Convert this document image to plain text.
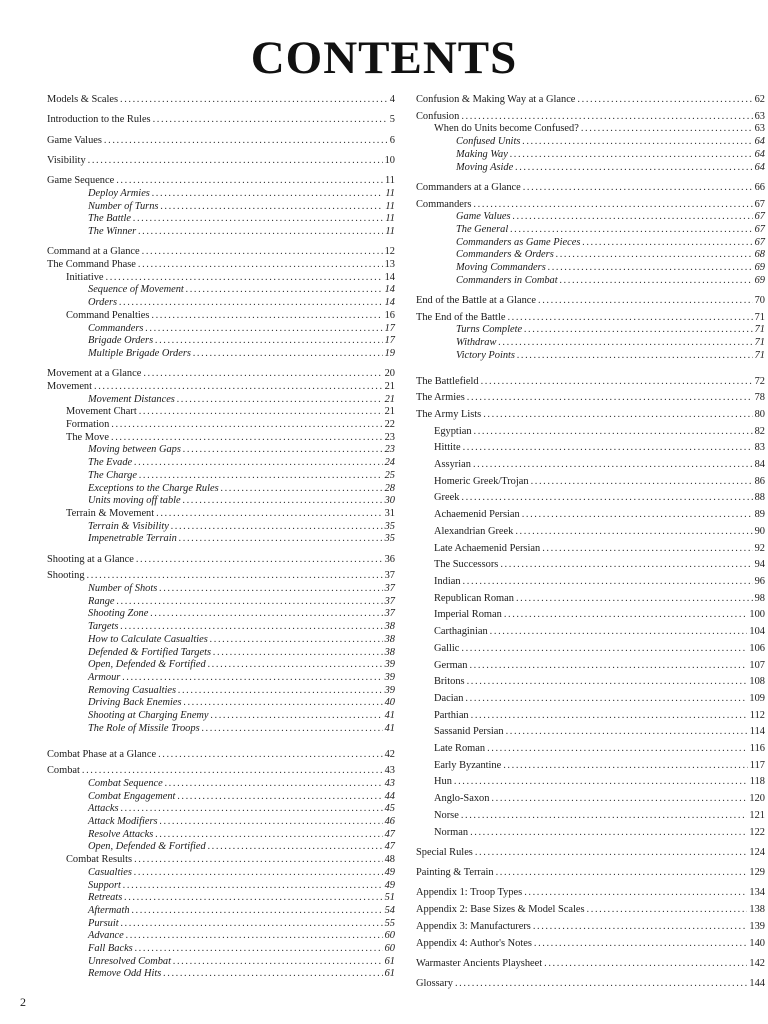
CONTENTS
Models & Scales .....	4
Introduction to the Rules .....	5
Game Values .....	6
Visibility .....	10
Game Sequence .....	11
Deploy Armies .....	11
Number of Turns .....	11
The Battle .....	11
The Winner .....	11
Command at a Glance .....	12
The Command Phase .....	13
Initiative .....	14
Sequence of Movement .....	14
Orders .....	14
Command Penalties .....	16
Commanders .....	17
Brigade Orders .....	17
Multiple Brigade Orders .....	19
Movement at a Glance .....	20
Movement .....	21
Movement Distances .....	21
Movement Chart .....	21
Formation .....	22
The Move .....	23
Moving between Gaps .....	23
The Evade .....	24
The Charge .....	25
Exceptions to the Charge Rules .....	28
Units moving off table .....	30
Terrain & Movement .....	31
Terrain & Visibility .....	35
Impenetrable Terrain .....	35
Shooting at a Glance .....	36
Shooting .....	37
Number of Shots .....	37
Range .....	37
Shooting Zone .....	37
Targets .....	38
How to Calculate Casualties .....	38
Defended & Fortified Targets .....	38
Open, Defended & Fortified .....	39
Armour .....	39
Removing Casualties .....	39
Driving Back Enemies .....	40
Shooting at Charging Enemy .....	41
The Role of Missile Troops .....	41
Combat Phase at a Glance .....	42
Combat .....	43
Combat Sequence .....	43
Combat Engagement .....	44
Attacks .....	45
Attack Modifiers .....	46
Resolve Attacks .....	47
Open, Defended & Fortified .....	47
Combat Results .....	48
Casualties .....	49
Support .....	49
Retreats .....	51
Aftermath .....	54
Pursuit .....	55
Advance .....	60
Fall Backs .....	60
Unresolved Combat .....	61
Remove Odd Hits .....	61
Confusion & Making Way at a Glance .....	62
Confusion .....	63
When do Units become Confused? .....	63
Confused Units .....	64
Making Way .....	64
Moving Aside .....	64
Commanders at a Glance .....	66
Commanders .....	67
Game Values .....	67
The General .....	67
Commanders as Game Pieces .....	67
Commanders & Orders .....	68
Moving Commanders .....	69
Commanders in Combat .....	69
End of the Battle at a Glance .....	70
The End of the Battle .....	71
Turns Complete .....	71
Withdraw .....	71
Victory Points .....	71
The Battlefield .....	72
The Armies .....	78
The Army Lists .....	80
Egyptian .....	82
Hittite .....	83
Assyrian .....	84
Homeric Greek/Trojan .....	86
Greek .....	88
Achaemenid Persian .....	89
Alexandrian Greek .....	90
Late Achaemenid Persian .....	92
The Successors .....	94
Indian .....	96
Republican Roman .....	98
Imperial Roman .....	100
Carthaginian .....	104
Gallic .....	106
German .....	107
Britons .....	108
Dacian .....	109
Parthian .....	112
Sassanid Persian .....	114
Late Roman .....	116
Early Byzantine .....	117
Hun .....	118
Anglo-Saxon .....	120
Norse .....	121
Norman .....	122
Special Rules .....	124
Painting & Terrain .....	129
Appendix 1: Troop Types .....	134
Appendix 2: Base Sizes & Model Scales .....	138
Appendix 3: Manufacturers .....	139
Appendix 4: Author's Notes .....	140
Warmaster Ancients Playsheet .....	142
Glossary .....	144
2
